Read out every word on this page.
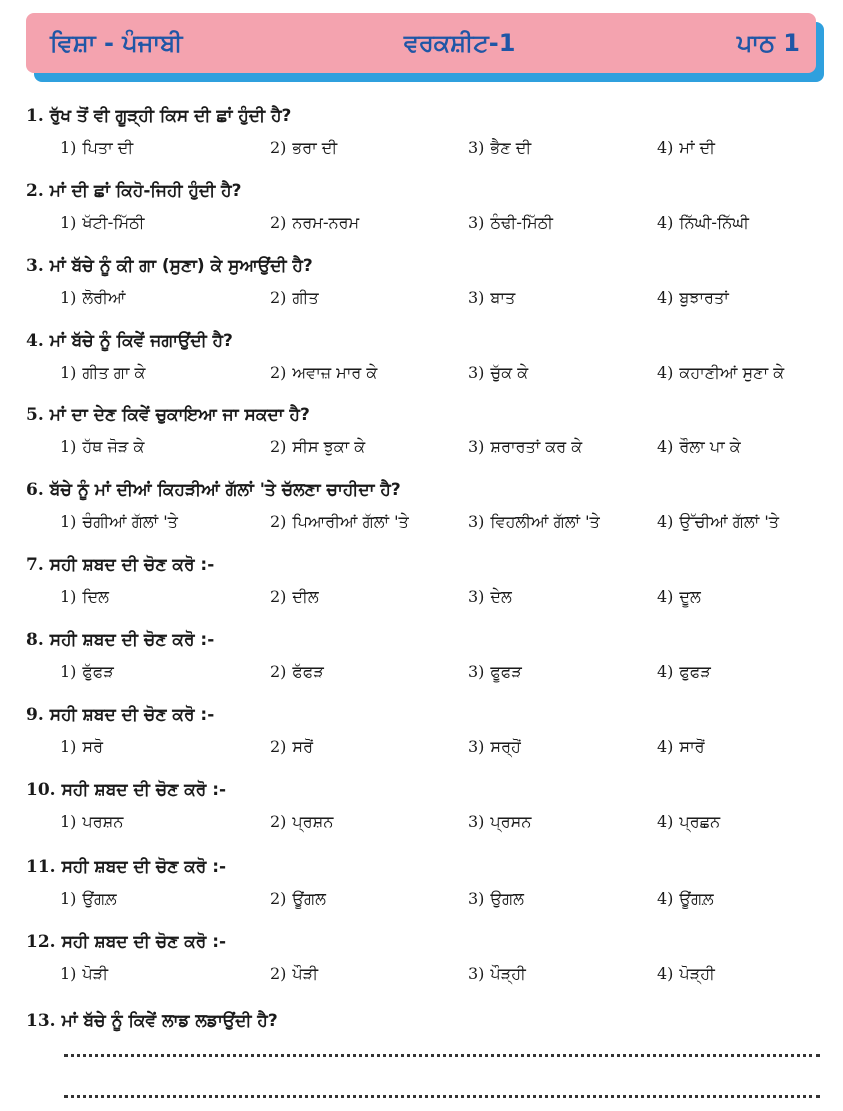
ਵਿਸ਼ਾ - ਪੰਜਾਬੀ	ਵਰਕਸ਼ੀਟ-1	ਪਾਠ 1
1. ਰੁੱਖ ਤੋਂ ਵੀ ਗੂੜ੍ਹੀ ਕਿਸ ਦੀ ਛਾਂ ਹੁੰਦੀ ਹੈ?
1) ਪਿਤਾ ਦੀ	2) ਭਰਾ ਦੀ	3) ਭੈਣ ਦੀ	4) ਮਾਂ ਦੀ
2. ਮਾਂ ਦੀ ਛਾਂ ਕਿਹੋ-ਜਿਹੀ ਹੁੰਦੀ ਹੈ?
1) ਖੱਟੀ-ਮਿੱਠੀ	2) ਨਰਮ-ਨਰਮ	3) ਠੰਢੀ-ਮਿੱਠੀ	4) ਨਿੱਘੀ-ਨਿੱਘੀ
3. ਮਾਂ ਬੱਚੇ ਨੂੰ ਕੀ ਗਾ (ਸੁਣਾ) ਕੇ ਸੁਆਉਂਦੀ ਹੈ?
1) ਲੋਰੀਆਂ	2) ਗੀਤ	3) ਬਾਤ	4) ਬੁਝਾਰਤਾਂ
4. ਮਾਂ ਬੱਚੇ ਨੂੰ ਕਿਵੇਂ ਜਗਾਉਂਦੀ ਹੈ?
1) ਗੀਤ ਗਾ ਕੇ	2) ਅਵਾਜ਼ ਮਾਰ ਕੇ	3) ਚੁੱਕ ਕੇ	4) ਕਹਾਣੀਆਂ ਸੁਣਾ ਕੇ
5. ਮਾਂ ਦਾ ਦੇਣ ਕਿਵੇਂ ਚੁਕਾਇਆ ਜਾ ਸਕਦਾ ਹੈ?
1) ਹੱਥ ਜੋੜ ਕੇ	2) ਸੀਸ ਝੁਕਾ ਕੇ	3) ਸ਼ਰਾਰਤਾਂ ਕਰ ਕੇ	4) ਰੌਲਾ ਪਾ ਕੇ
6. ਬੱਚੇ ਨੂੰ ਮਾਂ ਦੀਆਂ ਕਿਹੜੀਆਂ ਗੱਲਾਂ 'ਤੇ ਚੱਲਣਾ ਚਾਹੀਦਾ ਹੈ?
1) ਚੰਗੀਆਂ ਗੱਲਾਂ 'ਤੇ	2) ਪਿਆਰੀਆਂ ਗੱਲਾਂ 'ਤੇ	3) ਵਿਹਲੀਆਂ ਗੱਲਾਂ 'ਤੇ	4) ਉੱਚੀਆਂ ਗੱਲਾਂ 'ਤੇ
7. ਸਹੀ ਸ਼ਬਦ ਦੀ ਚੋਣ ਕਰੋ :-
1) ਦਿਲ	2) ਦੀਲ	3) ਦੇਲ	4) ਦੂਲ
8. ਸਹੀ ਸ਼ਬਦ ਦੀ ਚੋਣ ਕਰੋ :-
1) ਫੁੱਫੜ	2) ਫੱਫੜ	3) ਫੂਫੜ	4) ਫੁਫੜ
9. ਸਹੀ ਸ਼ਬਦ ਦੀ ਚੋਣ ਕਰੋ :-
1) ਸਰੋ	2) ਸਰੋਂ	3) ਸਰ੍ਹੋਂ	4) ਸਾਰੋਂ
10. ਸਹੀ ਸ਼ਬਦ ਦੀ ਚੋਣ ਕਰੋ :-
1) ਪਰਸ਼ਨ	2) ਪ੍ਰਸ਼ਨ	3) ਪ੍ਰਸਨ	4) ਪ੍ਰਛਨ
11. ਸਹੀ ਸ਼ਬਦ ਦੀ ਚੋਣ ਕਰੋ :-
1) ਉਂਗਲ਼	2) ਊਂਗਲ	3) ਉਗਲ	4) ਊਂਗਲ਼
12. ਸਹੀ ਸ਼ਬਦ ਦੀ ਚੋਣ ਕਰੋ :-
1) ਪੋੜੀ	2) ਪੌੜੀ	3) ਪੌੜ੍ਹੀ	4) ਪੋੜ੍ਹੀ
13. ਮਾਂ ਬੱਚੇ ਨੂੰ ਕਿਵੇਂ ਲਾਡ ਲਡਾਉਂਦੀ ਹੈ?
